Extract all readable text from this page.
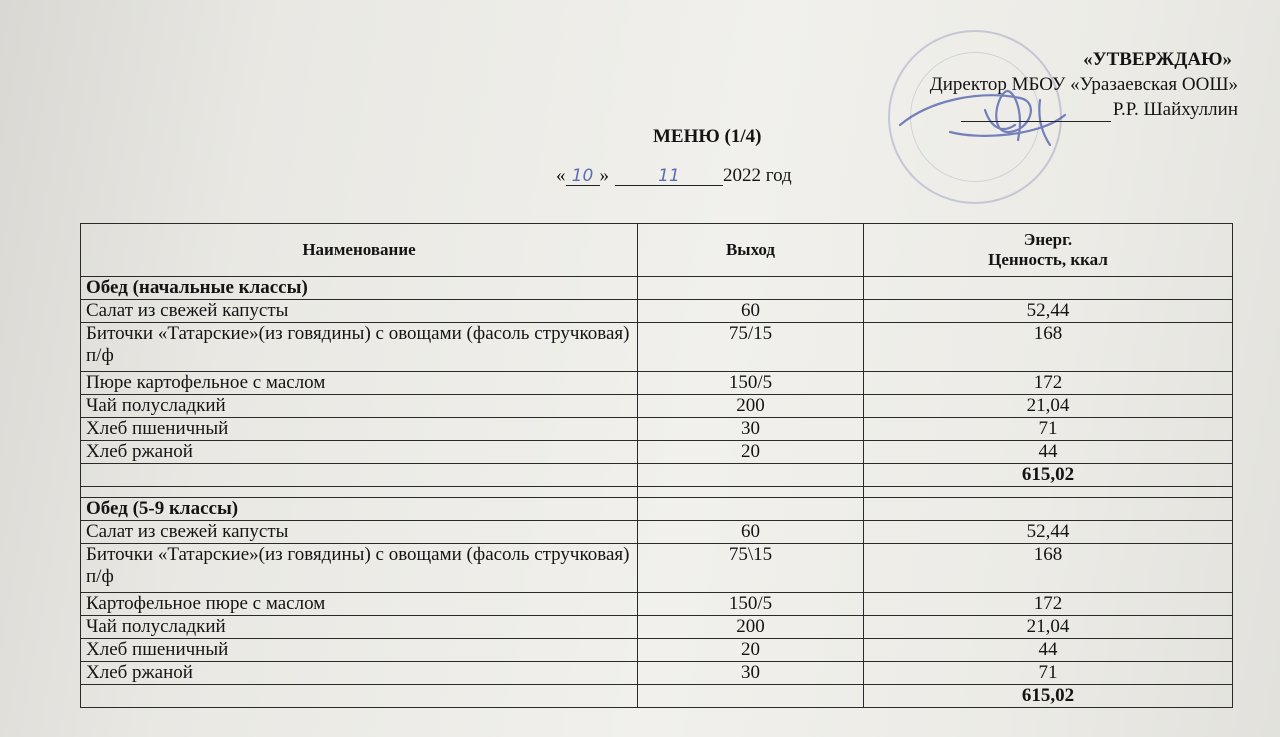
«УТВЕРЖДАЮ»
Директор МБОУ «Уразаевская ООШ»
Р.Р. Шайхуллин
МЕНЮ (1/4)
« 10 »	11 2022 год
Наименование	Выход	Энерг.
Ценность, ккал
Обед (начальные классы)		
Салат из свежей капусты	60	52,44
Биточки «Татарские»(из говядины) с овощами (фасоль стручковая) п/ф	75/15	168
Пюре картофельное с маслом	150/5	172
Чай полусладкий	200	21,04
Хлеб пшеничный	30	71
Хлеб ржаной	20	44
		615,02

Обед (5-9 классы)		
Салат из свежей капусты	60	52,44
Биточки «Татарские»(из говядины) с овощами (фасоль стручковая) п/ф	75\15	168
Картофельное пюре с маслом	150/5	172
Чай полусладкий	200	21,04
Хлеб пшеничный	20	44
Хлеб ржаной	30	71
		615,02
